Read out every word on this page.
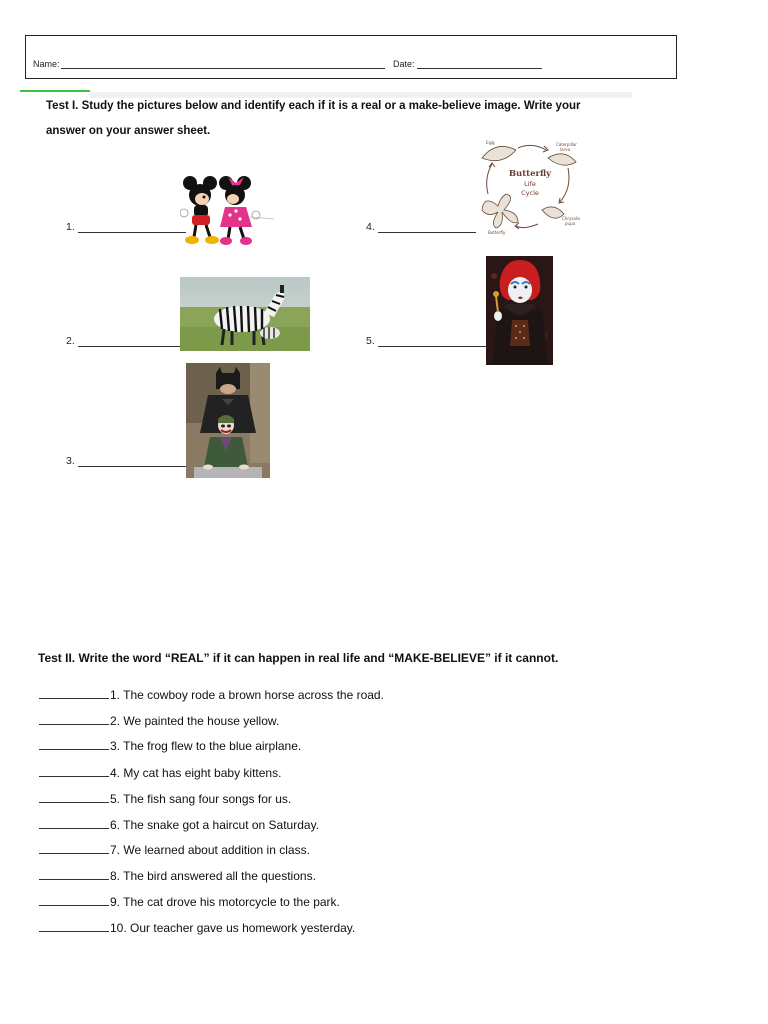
Name:	Date:
Test I. Study the pictures below and identify each if it is a real or a make-believe image. Write your
answer on your answer sheet.
1.
2.
3.
4.
Egg	Caterpillar
larva
Chrysalis
pupa
Butterfly
Butterfly
Life
Cycle
5.
Test II. Write the word “REAL” if it can happen in real life and “MAKE-BELIEVE” if it cannot.
1. The cowboy rode a brown horse across the road.
2. We painted the house yellow.
3. The frog flew to the blue airplane.
4. My cat has eight baby kittens.
5. The fish sang four songs for us.
6. The snake got a haircut on Saturday.
7. We learned about addition in class.
8. The bird answered all the questions.
9. The cat drove his motorcycle to the park.
10. Our teacher gave us homework yesterday.
